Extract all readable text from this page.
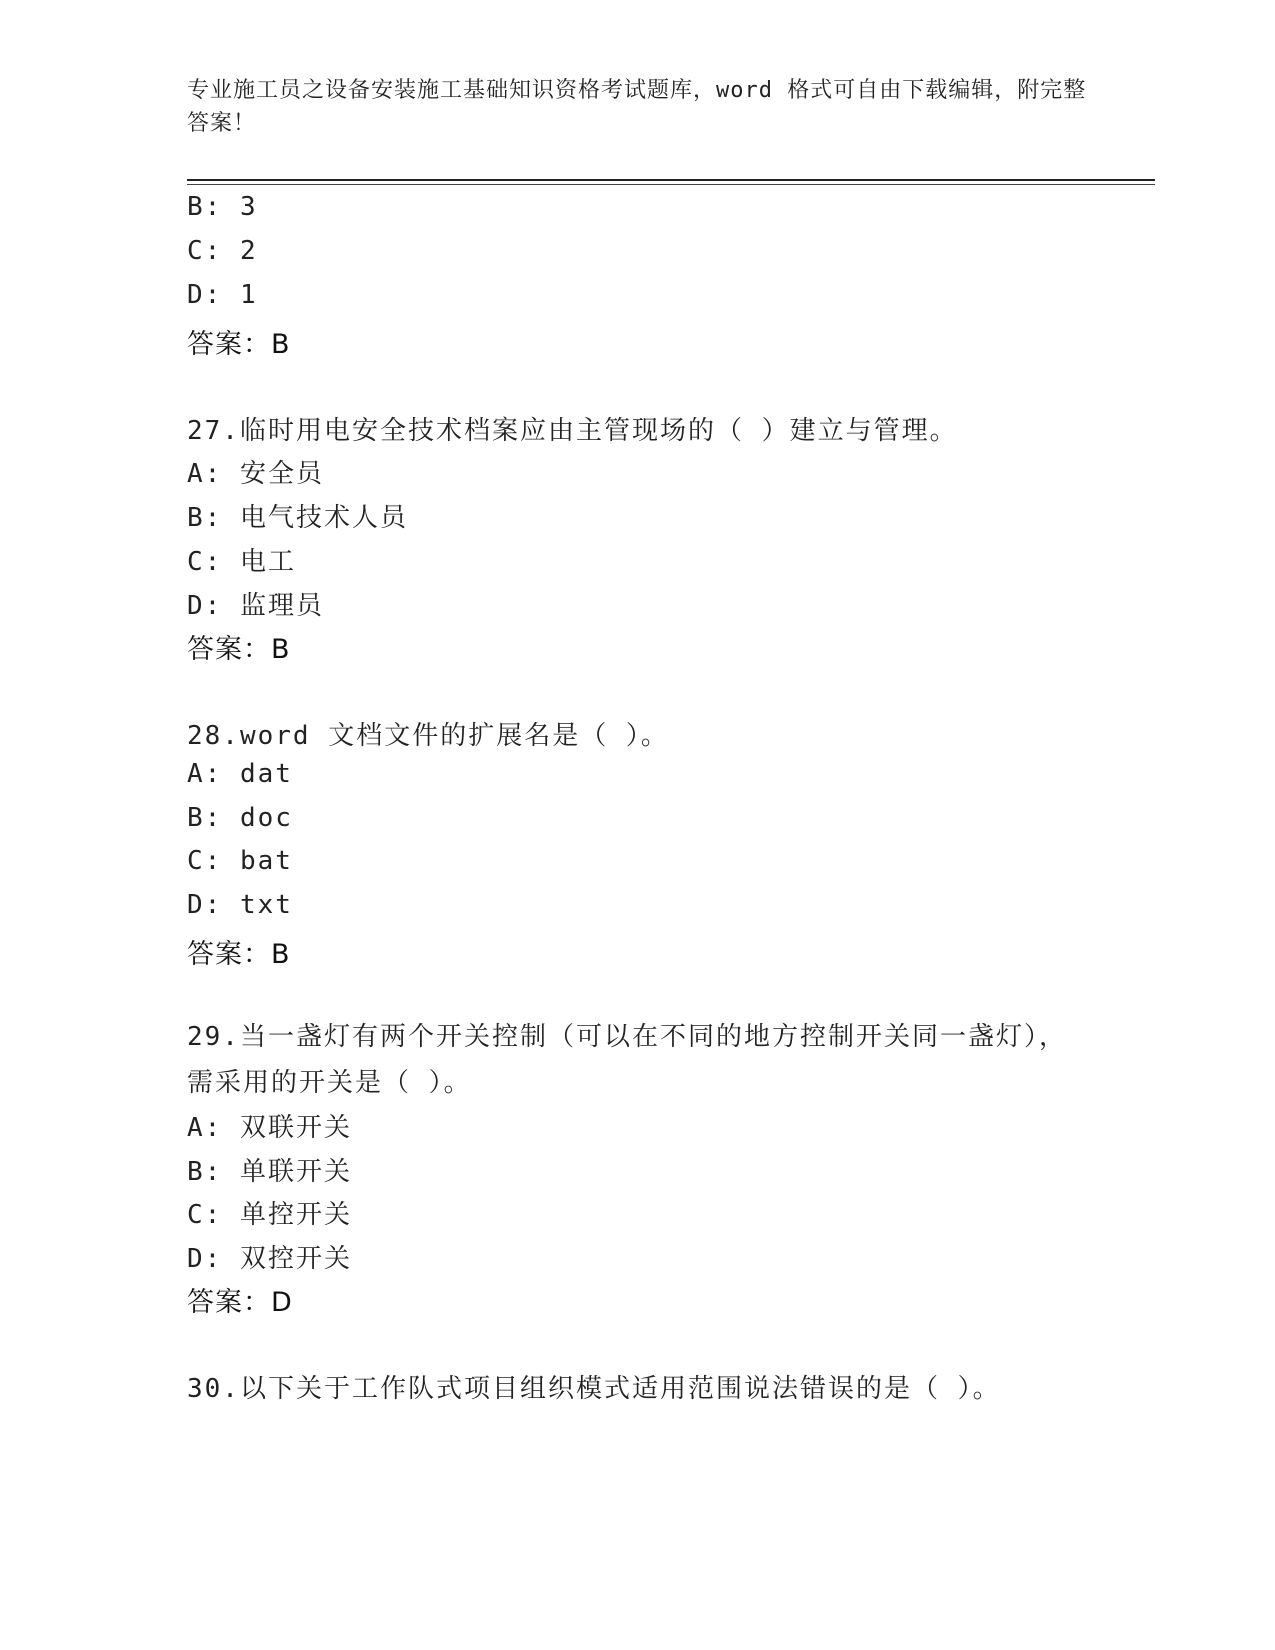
专业施工员之设备安装施工基础知识资格考试题库，word 格式可自由下载编辑，附完整答案！
B: 3
C: 2
D: 1
答案：B
27.临时用电安全技术档案应由主管现场的（ ）建立与管理。
A: 安全员
B: 电气技术人员
C: 电工
D: 监理员
答案：B
28.word 文档文件的扩展名是（ ）。
A: dat
B: doc
C: bat
D: txt
答案：B
29.当一盏灯有两个开关控制（可以在不同的地方控制开关同一盏灯），需采用的开关是（ ）。
A: 双联开关
B: 单联开关
C: 单控开关
D: 双控开关
答案：D
30.以下关于工作队式项目组织模式适用范围说法错误的是（ ）。
